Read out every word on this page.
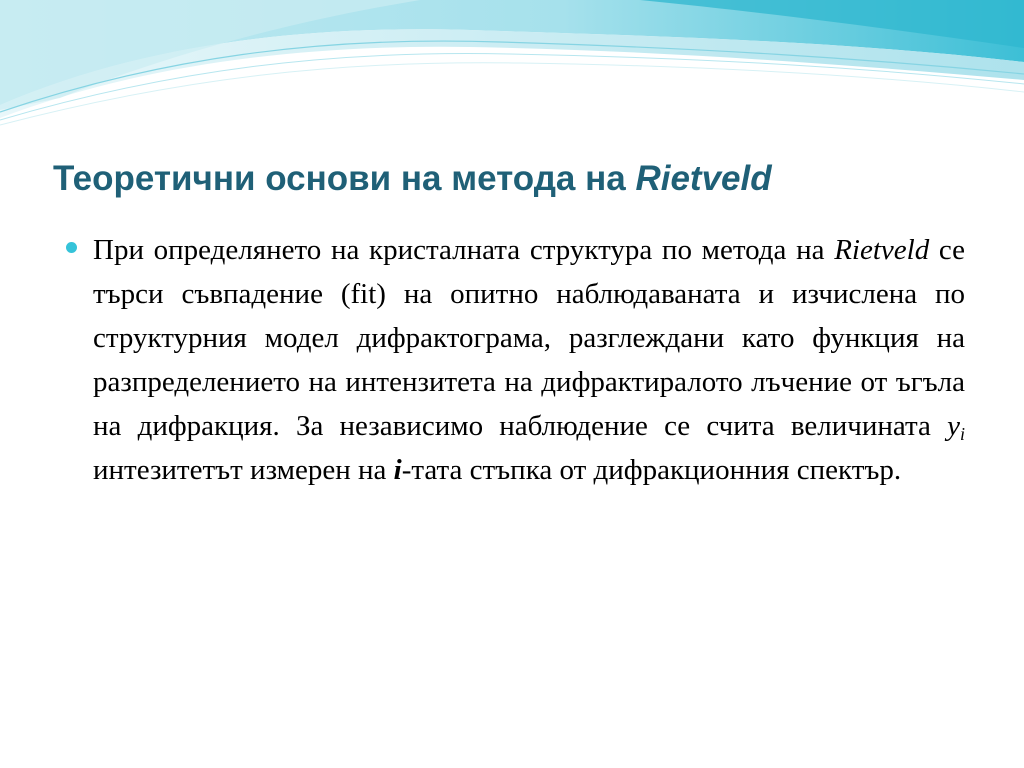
Теоретични основи на метода на Rietveld

При определянето на кристалната структура по метода на Rietveld се търси съвпадение (fit) на опитно наблюдаваната и изчислена по структурния модел дифрактограма, разглеждани като функция на разпределението на интензитета на дифрактиралото лъчение от ъгъла на дифракция. За независимо наблюдение се счита величината $y_i$ интезитетът измерен на i-тата стъпка от дифракционния спектър.
